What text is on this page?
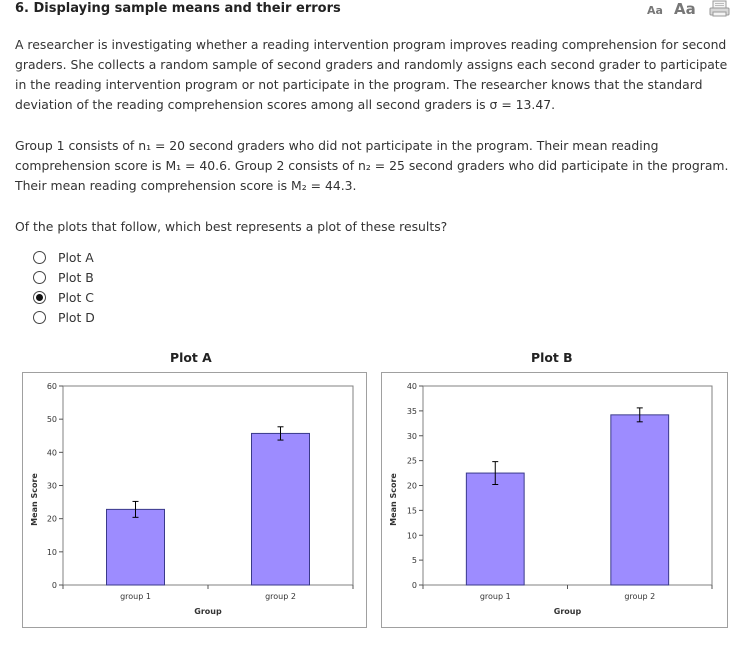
6. Displaying sample means and their errors	Aa Aa

A researcher is investigating whether a reading intervention program improves reading comprehension for second graders. She collects a random sample of second graders and randomly assigns each second grader to participate in the reading intervention program or not participate in the program. The researcher knows that the standard deviation of the reading comprehension scores among all second graders is σ = 13.47.

Group 1 consists of n₁ = 20 second graders who did not participate in the program. Their mean reading comprehension score is M₁ = 40.6. Group 2 consists of n₂ = 25 second graders who did participate in the program. Their mean reading comprehension score is M₂ = 44.3.

Of the plots that follow, which best represents a plot of these results?

Plot A
Plot B
Plot C
Plot D
Plot A	Plot B
0
10
20
30
40
50
60
group 1	group 2
Group
Mean Score
0
5
10
15
20
25
30
35
40
group 1	group 2
Group
Mean Score
